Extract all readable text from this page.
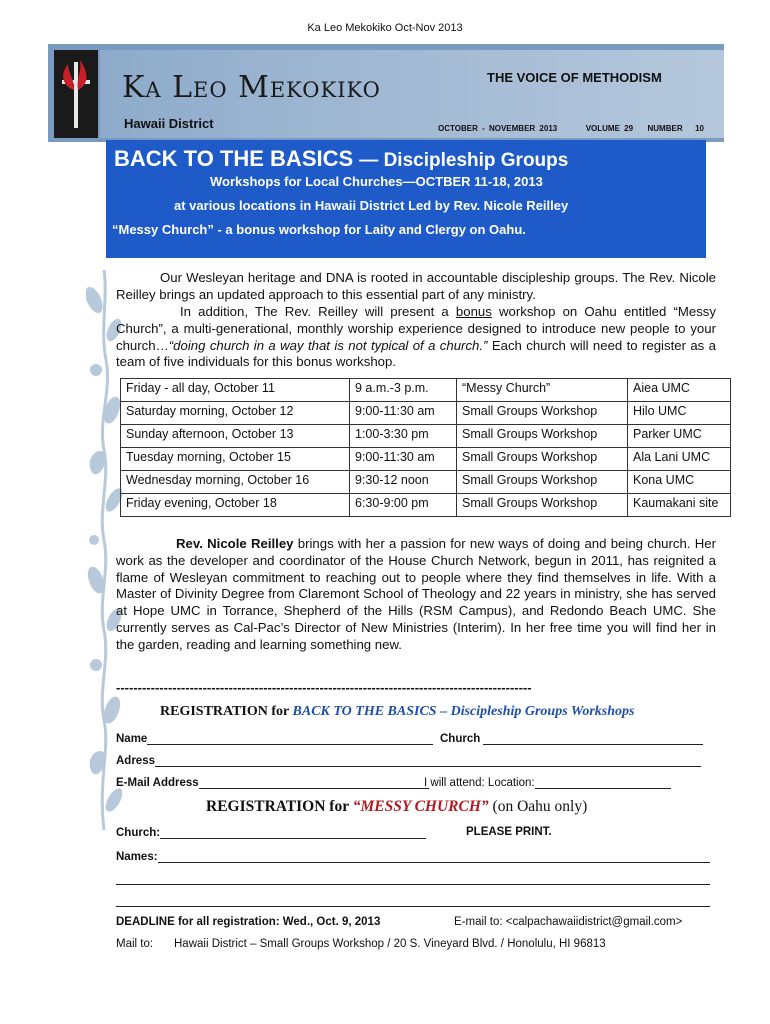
Ka Leo Mekokiko Oct-Nov 2013
Ka Leo Mekokiko
Hawaii District
THE VOICE OF METHODISM
OCTOBER - NOVEMBER 2013	VOLUME 29 NUMBER 10
BACK TO THE BASICS — Discipleship Groups
Workshops for Local Churches—OCTBER 11-18, 2013
at various locations in Hawaii District Led by Rev. Nicole Reilley
“Messy Church” - a bonus workshop for Laity and Clergy on Oahu.
Our Wesleyan heritage and DNA is rooted in accountable discipleship groups. The Rev. Nicole Reilley brings an updated approach to this essential part of any ministry.
In addition, The Rev. Reilley will present a bonus workshop on Oahu entitled “Messy Church”, a multi-generational, monthly worship experience designed to introduce new people to your church…“doing church in a way that is not typical of a church.” Each church will need to register as a team of five individuals for this bonus workshop.
Friday - all day, October 11	9 a.m.-3 p.m.	“Messy Church”	Aiea UMC
Saturday morning, October 12	9:00-11:30 am	Small Groups Workshop	Hilo UMC
Sunday afternoon, October 13	1:00-3:30 pm	Small Groups Workshop	Parker UMC
Tuesday morning, October 15	9:00-11:30 am	Small Groups Workshop	Ala Lani UMC
Wednesday morning, October 16	9:30-12 noon	Small Groups Workshop	Kona UMC
Friday evening, October 18	6:30-9:00 pm	Small Groups Workshop	Kaumakani site
Rev. Nicole Reilley brings with her a passion for new ways of doing and being church. Her work as the developer and coordinator of the House Church Network, begun in 2011, has reignited a flame of Wesleyan commitment to reaching out to people where they find themselves in life. With a Master of Divinity Degree from Claremont School of Theology and 22 years in ministry, she has served at Hope UMC in Torrance, Shepherd of the Hills (RSM Campus), and Redondo Beach UMC. She currently serves as Cal-Pac’s Director of New Ministries (Interim). In her free time you will find her in the garden, reading and learning something new.
------------------------------------------------------------------------------------------------
REGISTRATION for BACK TO THE BASICS – Discipleship Groups Workshops
Name	Church
Adress
E-Mail Address	I will attend: Location:
REGISTRATION for “MESSY CHURCH” (on Oahu only)
Church:	PLEASE PRINT.
Names:
DEADLINE for all registration: Wed., Oct. 9, 2013	E-mail to: <calpachawaiidistrict@gmail.com>
Mail to: Hawaii District – Small Groups Workshop / 20 S. Vineyard Blvd. / Honolulu, HI 96813
